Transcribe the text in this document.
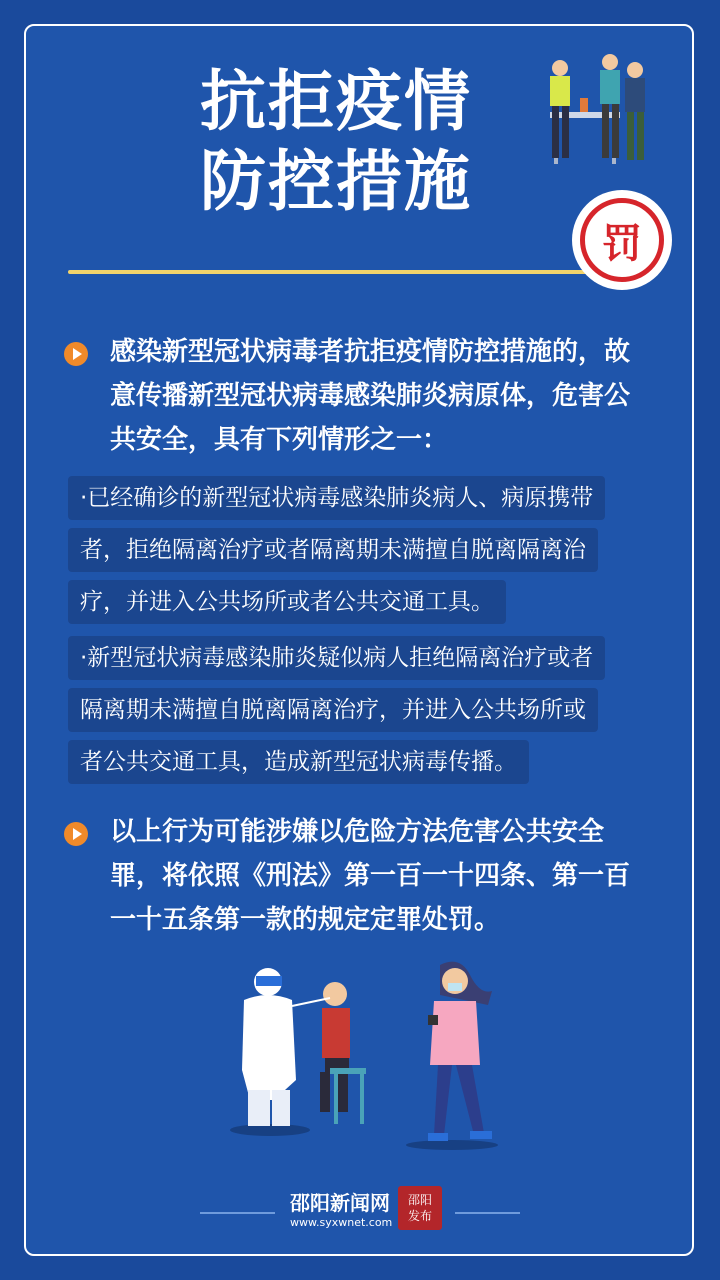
抗拒疫情
防控措施
罚
感染新型冠状病毒者抗拒疫情防控措施的，故意传播新型冠状病毒感染肺炎病原体，危害公共安全，具有下列情形之一：
·已经确诊的新型冠状病毒感染肺炎病人、病原携带
者，拒绝隔离治疗或者隔离期未满擅自脱离隔离治
疗，并进入公共场所或者公共交通工具。
·新型冠状病毒感染肺炎疑似病人拒绝隔离治疗或者
隔离期未满擅自脱离隔离治疗，并进入公共场所或
者公共交通工具，造成新型冠状病毒传播。
以上行为可能涉嫌以危险方法危害公共安全罪，将依照《刑法》第一百一十四条、第一百一十五条第一款的规定定罪处罚。
邵阳新闻网
www.syxwnet.com
邵阳
发布
